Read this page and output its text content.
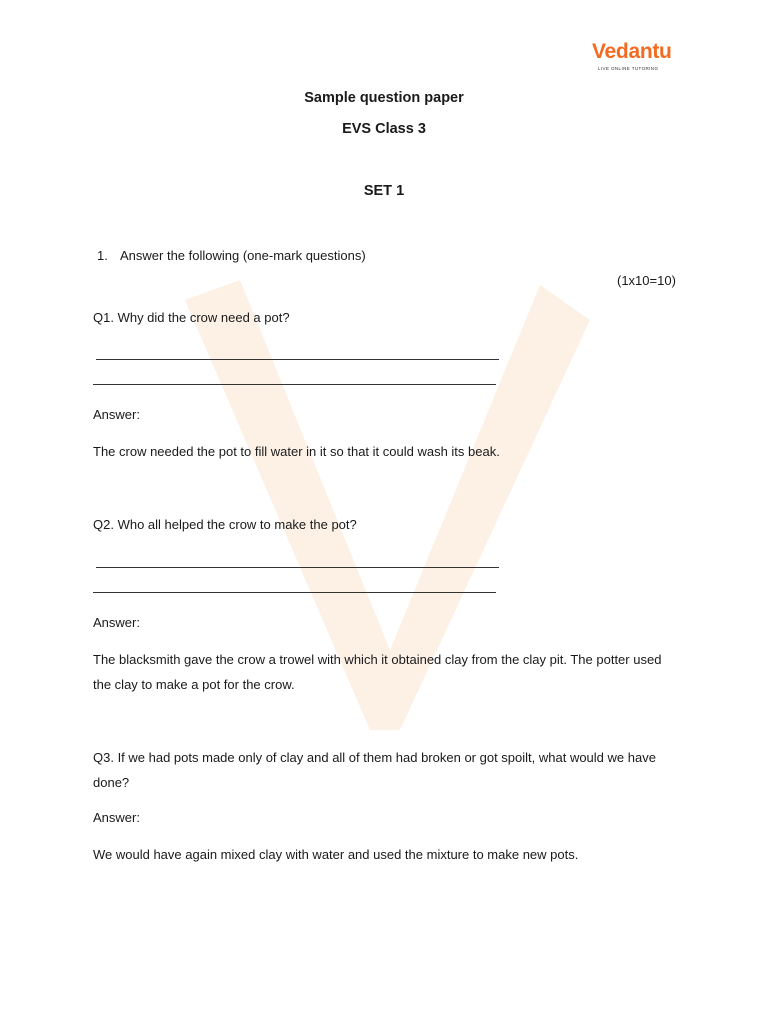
Vedantu
LIVE ONLINE TUTORING
Sample question paper
EVS Class 3
SET 1
1. Answer the following (one-mark questions)
(1x10=10)
Q1. Why did the crow need a pot?
Answer:
The crow needed the pot to fill water in it so that it could wash its beak.
Q2. Who all helped the crow to make the pot?
Answer:
The blacksmith gave the crow a trowel with which it obtained clay from the clay pit. The potter used the clay to make a pot for the crow.
Q3. If we had pots made only of clay and all of them had broken or got spoilt, what would we have done?
Answer:
We would have again mixed clay with water and used the mixture to make new pots.
